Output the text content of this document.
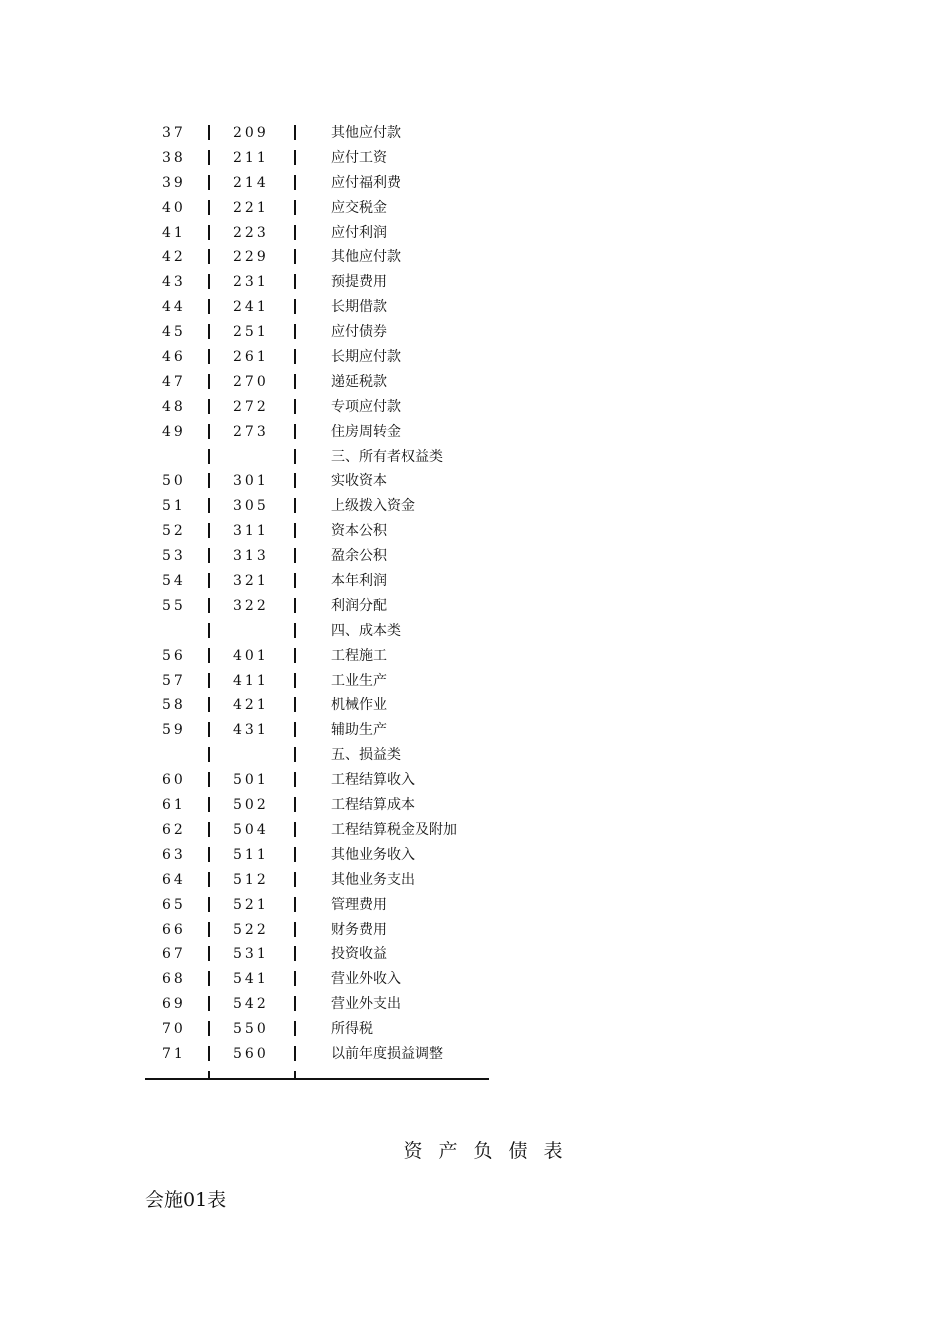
37	209	其他应付款
38	211	应付工资
39	214	应付福利费
40	221	应交税金
41	223	应付利润
42	229	其他应付款
43	231	预提费用
44	241	长期借款
45	251	应付债券
46	261	长期应付款
47	270	递延税款
48	272	专项应付款
49	273	住房周转金
三、所有者权益类
50	301	实收资本
51	305	上级拨入资金
52	311	资本公积
53	313	盈余公积
54	321	本年利润
55	322	利润分配
四、成本类
56	401	工程施工
57	411	工业生产
58	421	机械作业
59	431	辅助生产
五、损益类
60	501	工程结算收入
61	502	工程结算成本
62	504	工程结算税金及附加
63	511	其他业务收入
64	512	其他业务支出
65	521	管理费用
66	522	财务费用
67	531	投资收益
68	541	营业外收入
69	542	营业外支出
70	550	所得税
71	560	以前年度损益调整
资产负债表
会施01表
